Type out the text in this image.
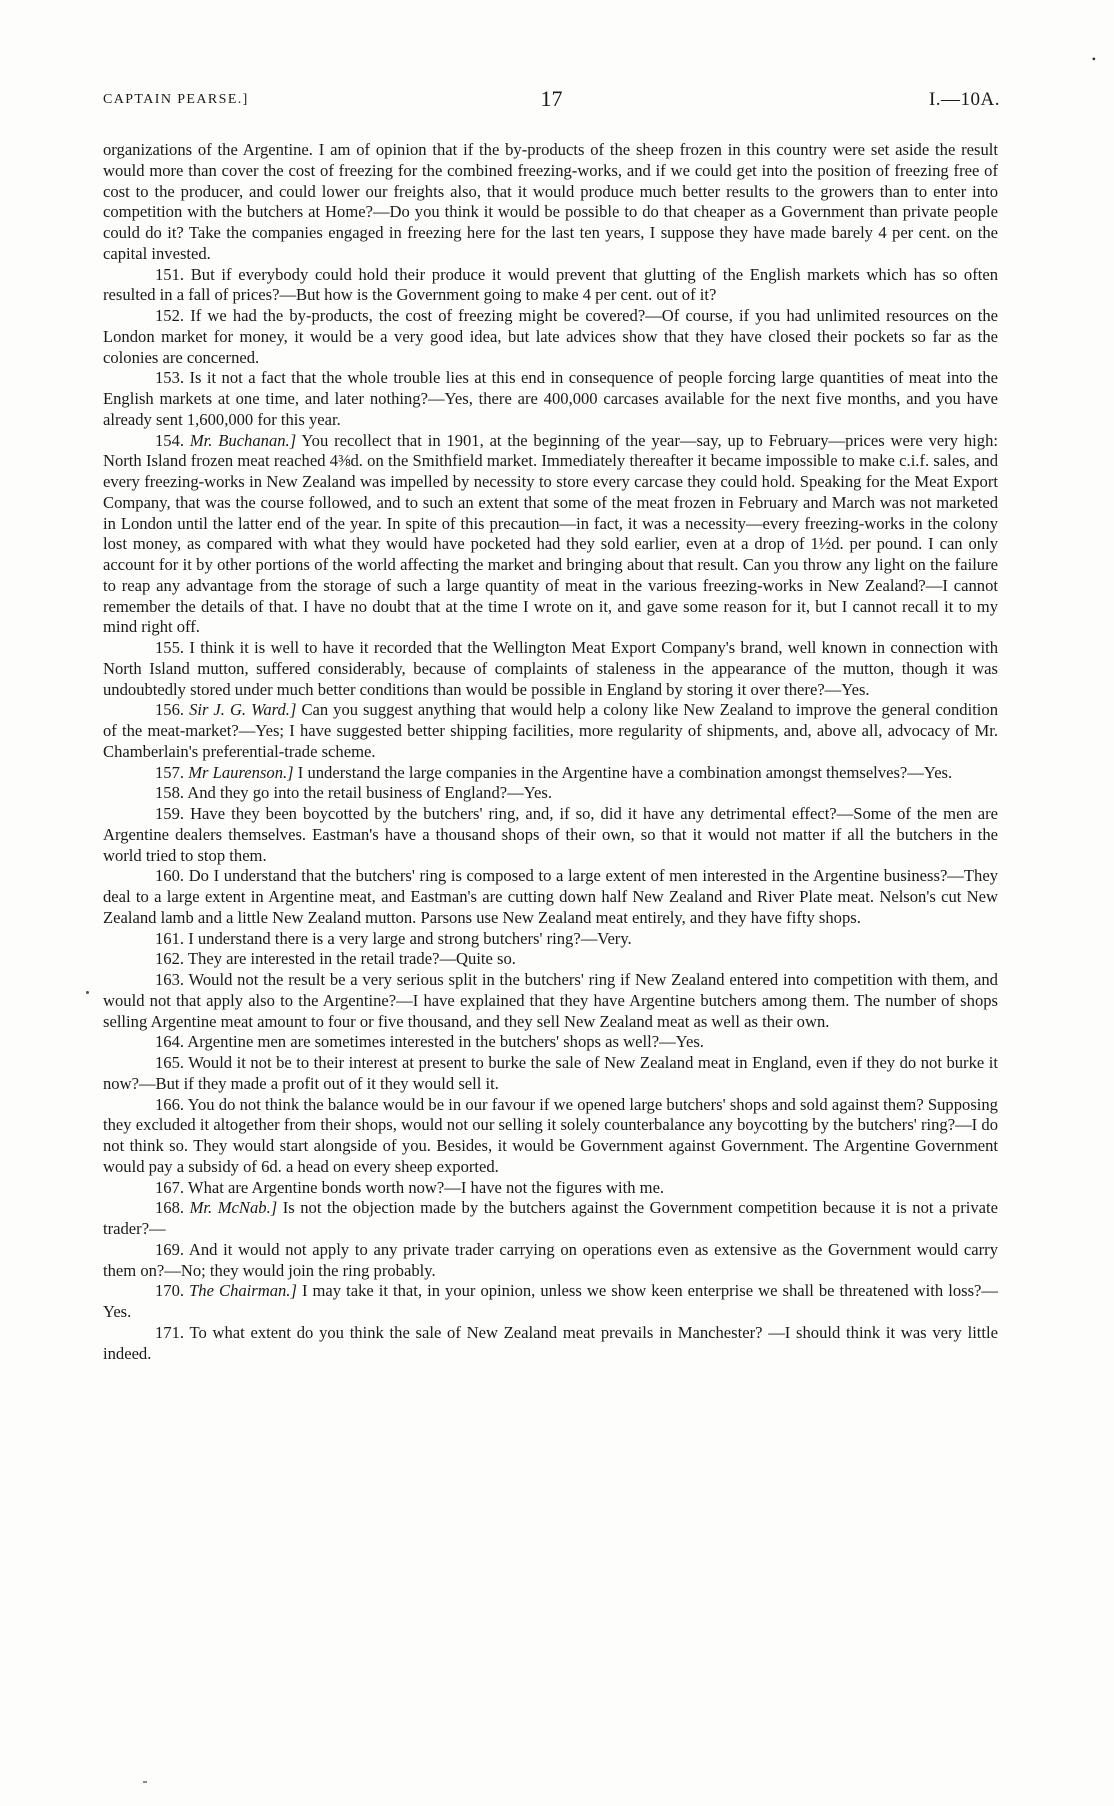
•
CAPTAIN PEARSE.]	17	I.—10A.

organizations of the Argentine. I am of opinion that if the by-products of the sheep frozen in this country were set aside the result would more than cover the cost of freezing for the combined freezing-works, and if we could get into the position of freezing free of cost to the producer, and could lower our freights also, that it would produce much better results to the growers than to enter into competition with the butchers at Home?—Do you think it would be possible to do that cheaper as a Government than private people could do it? Take the companies engaged in freezing here for the last ten years, I suppose they have made barely 4 per cent. on the capital invested.

151. But if everybody could hold their produce it would prevent that glutting of the English markets which has so often resulted in a fall of prices?—But how is the Government going to make 4 per cent. out of it?

152. If we had the by-products, the cost of freezing might be covered?—Of course, if you had unlimited resources on the London market for money, it would be a very good idea, but late advices show that they have closed their pockets so far as the colonies are concerned.

153. Is it not a fact that the whole trouble lies at this end in consequence of people forcing large quantities of meat into the English markets at one time, and later nothing?—Yes, there are 400,000 carcases available for the next five months, and you have already sent 1,600,000 for this year.

154. Mr. Buchanan.] You recollect that in 1901, at the beginning of the year—say, up to February—prices were very high: North Island frozen meat reached 4⅜d. on the Smithfield market. Immediately thereafter it became impossible to make c.i.f. sales, and every freezing-works in New Zealand was impelled by necessity to store every carcase they could hold. Speaking for the Meat Export Company, that was the course followed, and to such an extent that some of the meat frozen in February and March was not marketed in London until the latter end of the year. In spite of this precaution—in fact, it was a necessity—every freezing-works in the colony lost money, as compared with what they would have pocketed had they sold earlier, even at a drop of 1½d. per pound. I can only account for it by other portions of the world affecting the market and bringing about that result. Can you throw any light on the failure to reap any advantage from the storage of such a large quantity of meat in the various freezing-works in New Zealand?—I cannot remember the details of that. I have no doubt that at the time I wrote on it, and gave some reason for it, but I cannot recall it to my mind right off.

155. I think it is well to have it recorded that the Wellington Meat Export Company's brand, well known in connection with North Island mutton, suffered considerably, because of complaints of staleness in the appearance of the mutton, though it was undoubtedly stored under much better conditions than would be possible in England by storing it over there?—Yes.

156. Sir J. G. Ward.] Can you suggest anything that would help a colony like New Zealand to improve the general condition of the meat-market?—Yes; I have suggested better shipping facilities, more regularity of shipments, and, above all, advocacy of Mr. Chamberlain's preferential-trade scheme.

157. Mr Laurenson.] I understand the large companies in the Argentine have a combination amongst themselves?—Yes.

158. And they go into the retail business of England?—Yes.

159. Have they been boycotted by the butchers' ring, and, if so, did it have any detrimental effect?—Some of the men are Argentine dealers themselves. Eastman's have a thousand shops of their own, so that it would not matter if all the butchers in the world tried to stop them.

160. Do I understand that the butchers' ring is composed to a large extent of men interested in the Argentine business?—They deal to a large extent in Argentine meat, and Eastman's are cutting down half New Zealand and River Plate meat. Nelson's cut New Zealand lamb and a little New Zealand mutton. Parsons use New Zealand meat entirely, and they have fifty shops.

161. I understand there is a very large and strong butchers' ring?—Very.

162. They are interested in the retail trade?—Quite so.

163. Would not the result be a very serious split in the butchers' ring if New Zealand entered into competition with them, and would not that apply also to the Argentine?—I have explained that they have Argentine butchers among them. The number of shops selling Argentine meat amount to four or five thousand, and they sell New Zealand meat as well as their own.

164. Argentine men are sometimes interested in the butchers' shops as well?—Yes.

165. Would it not be to their interest at present to burke the sale of New Zealand meat in England, even if they do not burke it now?—But if they made a profit out of it they would sell it.

166. You do not think the balance would be in our favour if we opened large butchers' shops and sold against them? Supposing they excluded it altogether from their shops, would not our selling it solely counterbalance any boycotting by the butchers' ring?—I do not think so. They would start alongside of you. Besides, it would be Government against Government. The Argentine Government would pay a subsidy of 6d. a head on every sheep exported.

167. What are Argentine bonds worth now?—I have not the figures with me.

168. Mr. McNab.] Is not the objection made by the butchers against the Government competition because it is not a private trader?—

169. And it would not apply to any private trader carrying on operations even as extensive as the Government would carry them on?—No; they would join the ring probably.

170. The Chairman.] I may take it that, in your opinion, unless we show keen enterprise we shall be threatened with loss?—Yes.

171. To what extent do you think the sale of New Zealand meat prevails in Manchester? —I should think it was very little indeed.
